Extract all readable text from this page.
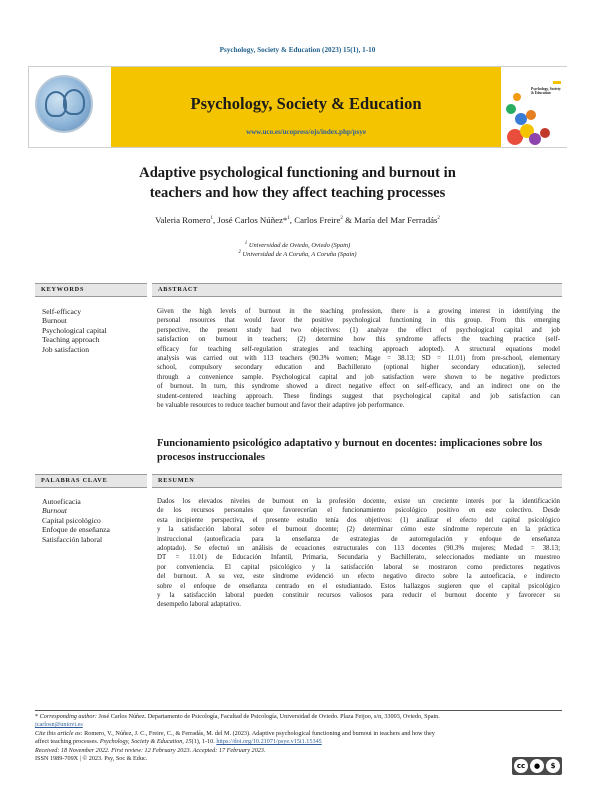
Psychology, Society & Education (2023) 15(1), 1-10
Psychology, Society & Education
www.uco.es/ucopress/ojs/index.php/psye
Psychology, Society & Education
Adaptive psychological functioning and burnout in
teachers and how they affect teaching processes
Valeria Romero$^1$, José Carlos Núñez*$^1$, Carlos Freire$^2$ & María del Mar Ferradás$^2$
$^1$ Universidad de Oviedo, Oviedo (Spain)
$^2$ Universidad de A Coruña, A Coruña (Spain)
KEYWORDS	ABSTRACT
Self-efficacy
Burnout
Psychological capital
Teaching approach
Job satisfaction
Given the high levels of burnout in the teaching profession, there is a growing interest in identifying the
personal resources that would favor the positive psychological functioning in this group. From this emerging
perspective, the present study had two objectives: (1) analyze the effect of psychological capital and job
satisfaction on burnout in teachers; (2) determine how this syndrome affects the teaching practice (self-
efficacy for teaching self-regulation strategies and teaching approach adopted). A structural equations model
analysis was carried out with 113 teachers (90.3% women; Mage = 38.13; SD = 11.01) from pre-school, elementary
school, compulsory secondary education and Bachillerato (optional higher secondary education)), selected
through a convenience sample. Psychological capital and job satisfaction were shown to be negative predictors
of burnout. In turn, this syndrome showed a direct negative effect on self-efficacy, and an indirect one on the
student-centered teaching approach. These findings suggest that psychological capital and job satisfaction can
be valuable resources to reduce teacher burnout and favor their adaptive job performance.
Funcionamiento psicológico adaptativo y burnout en docentes: implicaciones sobre los procesos instruccionales
PALABRAS CLAVE	RESUMEN
Autoeficacia
Burnout
Capital psicológico
Enfoque de enseñanza
Satisfacción laboral
Dados los elevados niveles de burnout en la profesión docente, existe un creciente interés por la identificación
de los recursos personales que favorecerían el funcionamiento psicológico positivo en este colectivo. Desde
esta incipiente perspectiva, el presente estudio tenía dos objetivos: (1) analizar el efecto del capital psicológico
y la satisfacción laboral sobre el burnout docente; (2) determinar cómo este síndrome repercute en la práctica
instruccional (autoeficacia para la enseñanza de estrategias de autorregulación y enfoque de enseñanza
adoptado). Se efectuó un análisis de ecuaciones estructurales con 113 docentes (90.3% mujeres; Medad = 38.13;
DT = 11.01) de Educación Infantil, Primaria, Secundaria y Bachillerato, seleccionados mediante un muestreo
por conveniencia. El capital psicológico y la satisfacción laboral se mostraron como predictores negativos
del burnout. A su vez, este síndrome evidenció un efecto negativo directo sobre la autoeficacia, e indirecto
sobre el enfoque de enseñanza centrado en el estudiantado. Estos hallazgos sugieren que el capital psicológico
y la satisfacción laboral pueden constituir recursos valiosos para reducir el burnout docente y favorecer su
desempeño laboral adaptativo.
* Corresponding author: José Carlos Núñez. Departamento de Psicología, Facultad de Psicología, Universidad de Oviedo. Plaza Feijoo, s/n, 33003, Oviedo, Spain.
jcarlosn@uniovi.es
Cite this article as: Romero, V., Núñez, J. C., Freire, C., & Ferradás, M. del M. (2023). Adaptive psychological functioning and burnout in teachers and how they
affect teaching processes. Psychology, Society & Education, 15(1), 1-10. https://doi.org/10.21071/psye.v15i1.15345
Received: 18 November 2022. First review: 12 February 2023. Accepted: 17 February 2023.
ISSN 1989-709X | © 2023. Psy, Soc & Educ.
cc	●	$
